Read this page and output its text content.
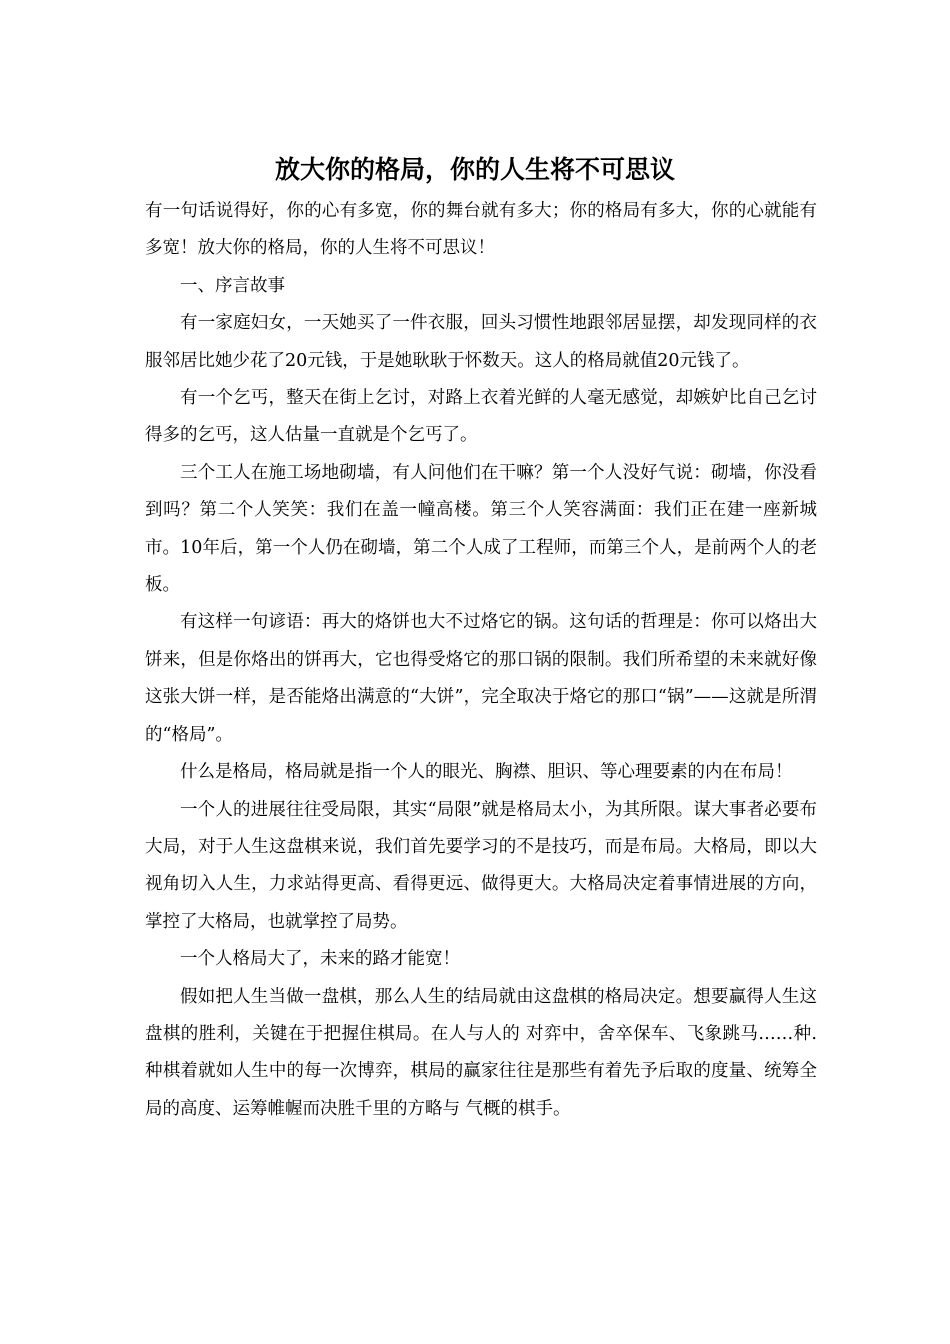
放大你的格局，你的人生将不可思议

有一句话说得好，你的心有多宽，你的舞台就有多大；你的格局有多大，你的心就能有多宽！放大你的格局，你的人生将不可思议！

一、序言故事

有一家庭妇女，一天她买了一件衣服，回头习惯性地跟邻居显摆，却发现同样的衣服邻居比她少花了20元钱，于是她耿耿于怀数天。这人的格局就值20元钱了。

有一个乞丐，整天在街上乞讨，对路上衣着光鲜的人毫无感觉，却嫉妒比自己乞讨得多的乞丐，这人估量一直就是个乞丐了。

三个工人在施工场地砌墙，有人问他们在干嘛？第一个人没好气说：砌墙，你没看到吗？第二个人笑笑：我们在盖一幢高楼。第三个人笑容满面：我们正在建一座新城市。10年后，第一个人仍在砌墙，第二个人成了工程师，而第三个人，是前两个人的老板。

有这样一句谚语：再大的烙饼也大不过烙它的锅。这句话的哲理是：你可以烙出大饼来，但是你烙出的饼再大，它也得受烙它的那口锅的限制。我们所希望的未来就好像这张大饼一样，是否能烙出满意的“大饼”，完全取决于烙它的那口“锅”——这就是所渭的“格局”。

什么是格局，格局就是指一个人的眼光、胸襟、胆识、等心理要素的内在布局！

一个人的进展往往受局限，其实“局限”就是格局太小，为其所限。谋大事者必要布大局，对于人生这盘棋来说，我们首先要学习的不是技巧，而是布局。大格局，即以大视角切入人生，力求站得更高、看得更远、做得更大。大格局决定着事情进展的方向，掌控了大格局，也就掌控了局势。

一个人格局大了，未来的路才能宽！

假如把人生当做一盘棋，那么人生的结局就由这盘棋的格局决定。想要赢得人生这盘棋的胜利，关键在于把握住棋局。在人与人的 对弈中，舍卒保车、飞象跳马……种.种棋着就如人生中的每一次博弈，棋局的赢家往往是那些有着先予后取的度量、统筹全局的高度、运筹帷幄而决胜千里的方略与 气概的棋手。
